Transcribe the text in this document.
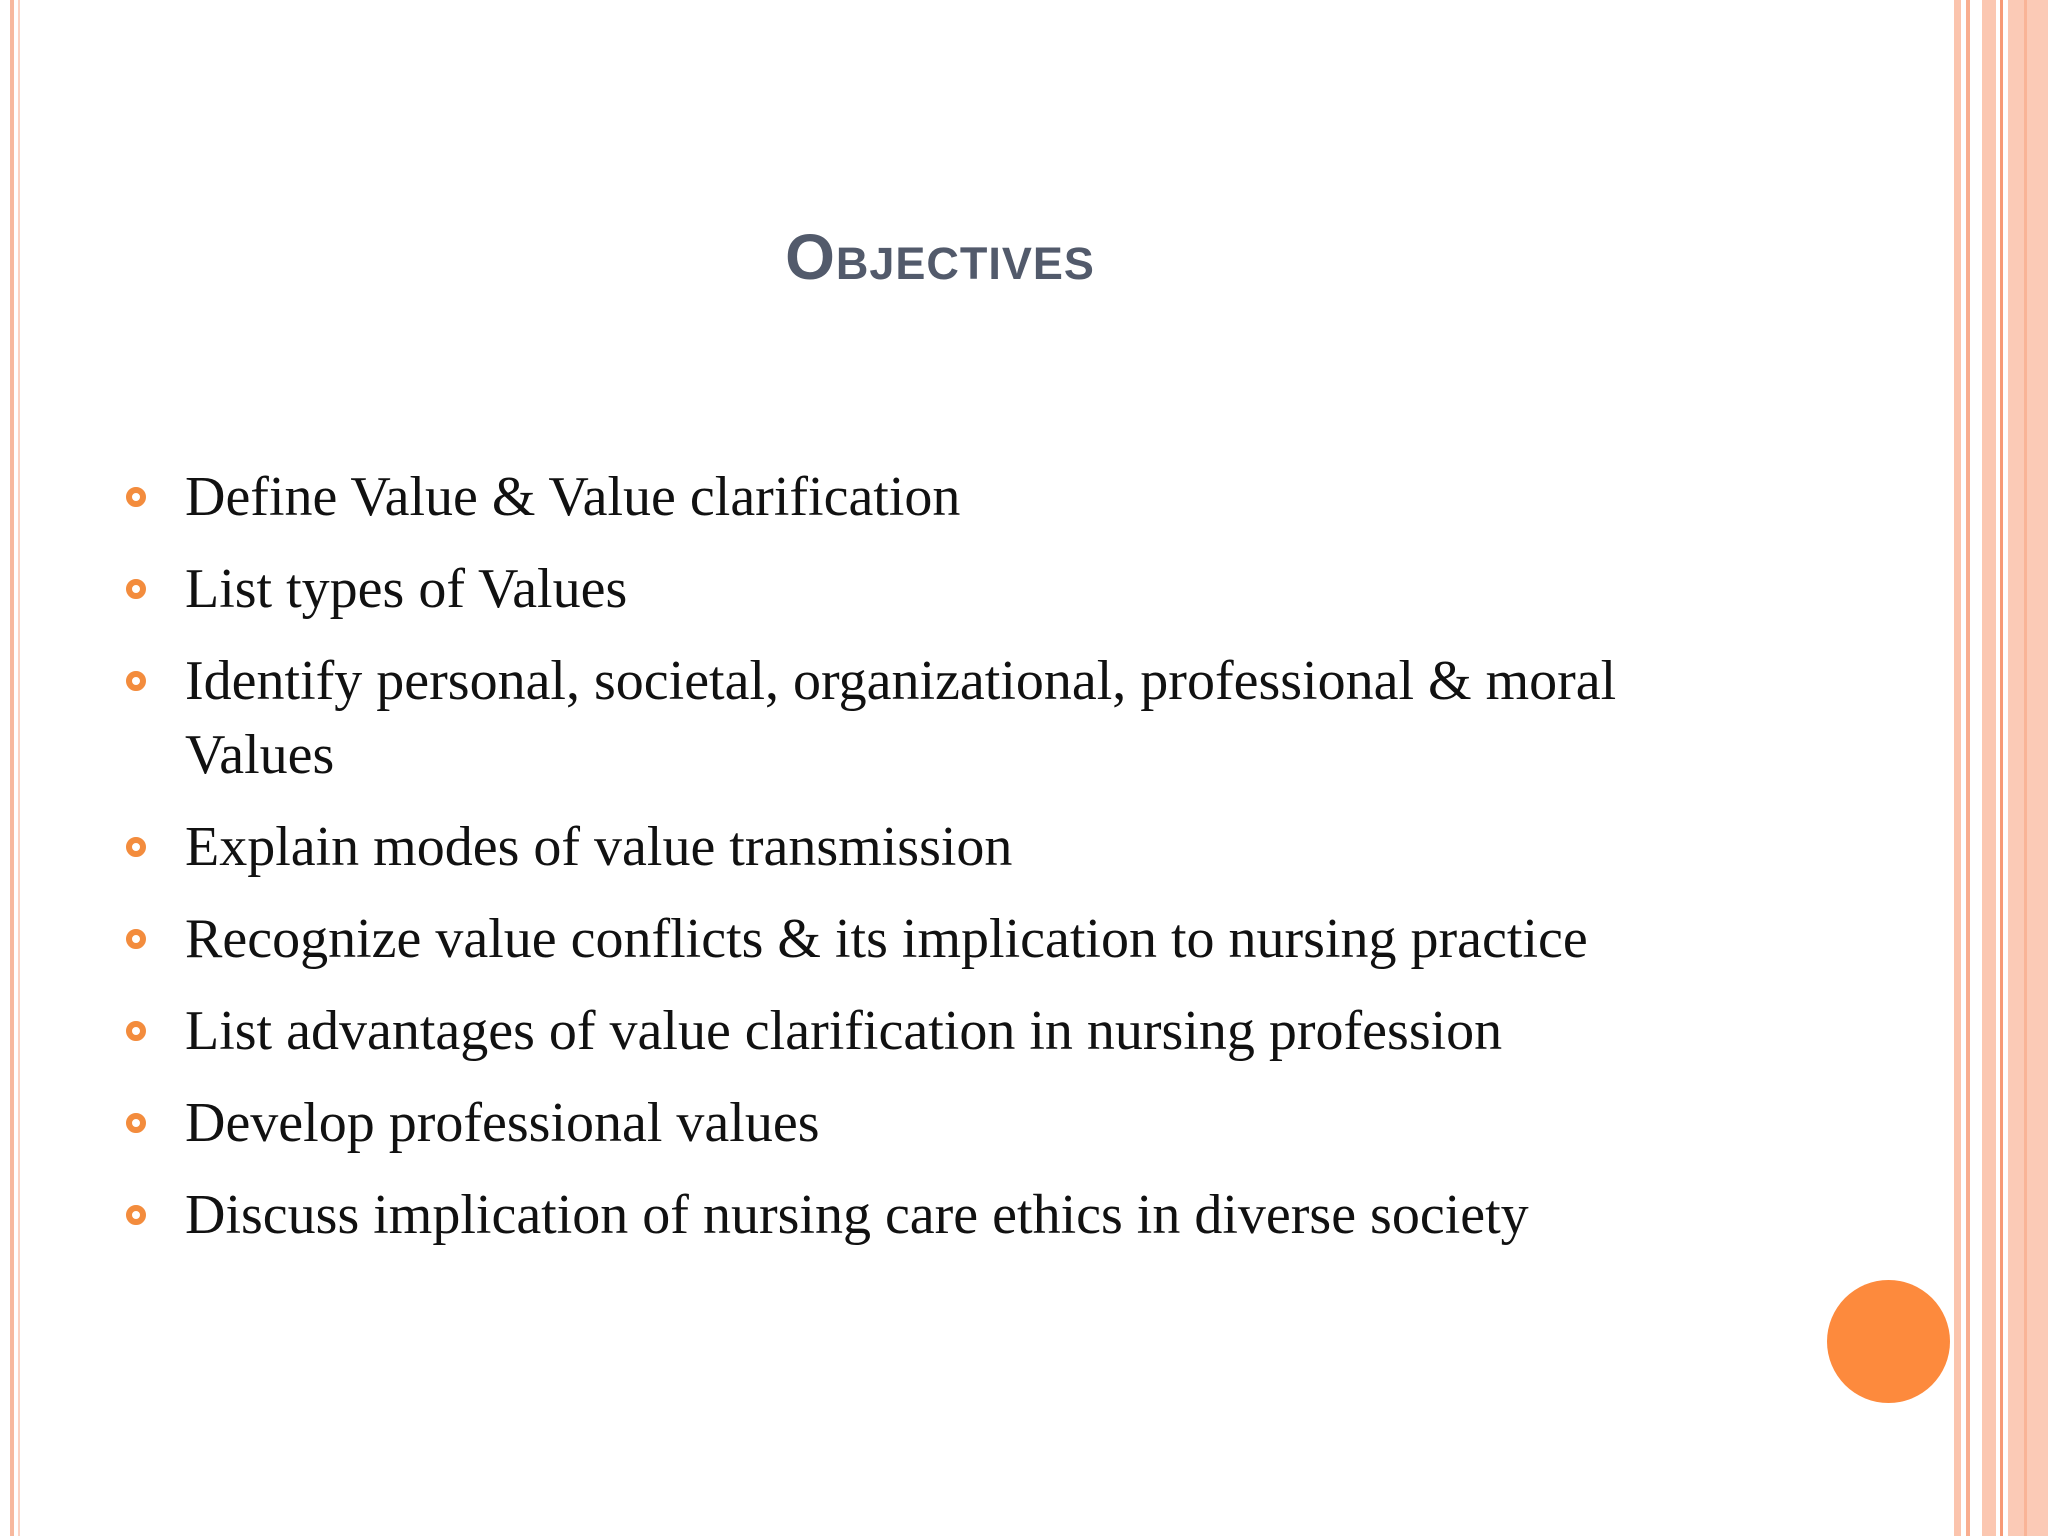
Objectives
Define Value & Value clarification
List types of Values
Identify personal, societal, organizational, professional & moral Values
Explain modes of value transmission
Recognize value conflicts & its implication to nursing practice
List advantages of value clarification in nursing profession
Develop professional values
Discuss implication of nursing care ethics in diverse society
